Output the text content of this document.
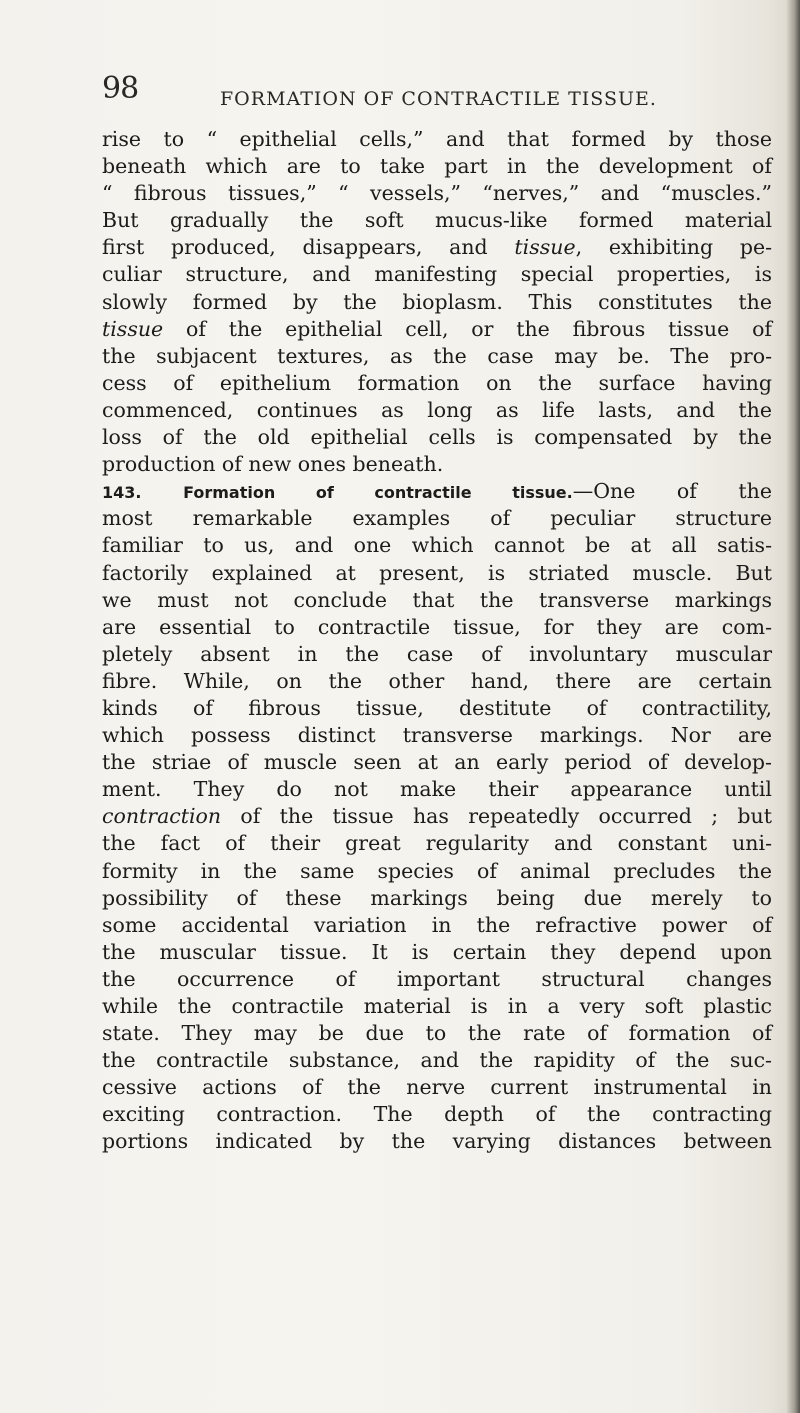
98	FORMATION OF CONTRACTILE TISSUE.
rise to “ epithelial cells,” and that formed by those
beneath which are to take part in the development of
“ fibrous tissues,” “ vessels,” “nerves,” and “muscles.”
But gradually the soft mucus-like formed material
first produced, disappears, and tissue, exhibiting pe-
culiar structure, and manifesting special properties, is
slowly formed by the bioplasm. This constitutes the
tissue of the epithelial cell, or the fibrous tissue of
the subjacent textures, as the case may be. The pro-
cess of epithelium formation on the surface having
commenced, continues as long as life lasts, and the
loss of the old epithelial cells is compensated by the
production of new ones beneath.
143.	Formation of contractile tissue.—One of the
most remarkable examples of peculiar structure
familiar to us, and one which cannot be at all satis-
factorily explained at present, is striated muscle. But
we must not conclude that the transverse markings
are essential to contractile tissue, for they are com-
pletely absent in the case of involuntary muscular
fibre. While, on the other hand, there are certain
kinds of fibrous tissue, destitute of contractility,
which possess distinct transverse markings. Nor are
the striae of muscle seen at an early period of develop-
ment. They do not make their appearance until
contraction of the tissue has repeatedly occurred ; but
the fact of their great regularity and constant uni-
formity in the same species of animal precludes the
possibility of these markings being due merely to
some accidental variation in the refractive power of
the muscular tissue. It is certain they depend upon
the occurrence of important structural changes
while the contractile material is in a very soft plastic
state. They may be due to the rate of formation of
the contractile substance, and the rapidity of the suc-
cessive actions of the nerve current instrumental in
exciting contraction. The depth of the contracting
portions indicated by the varying distances between
